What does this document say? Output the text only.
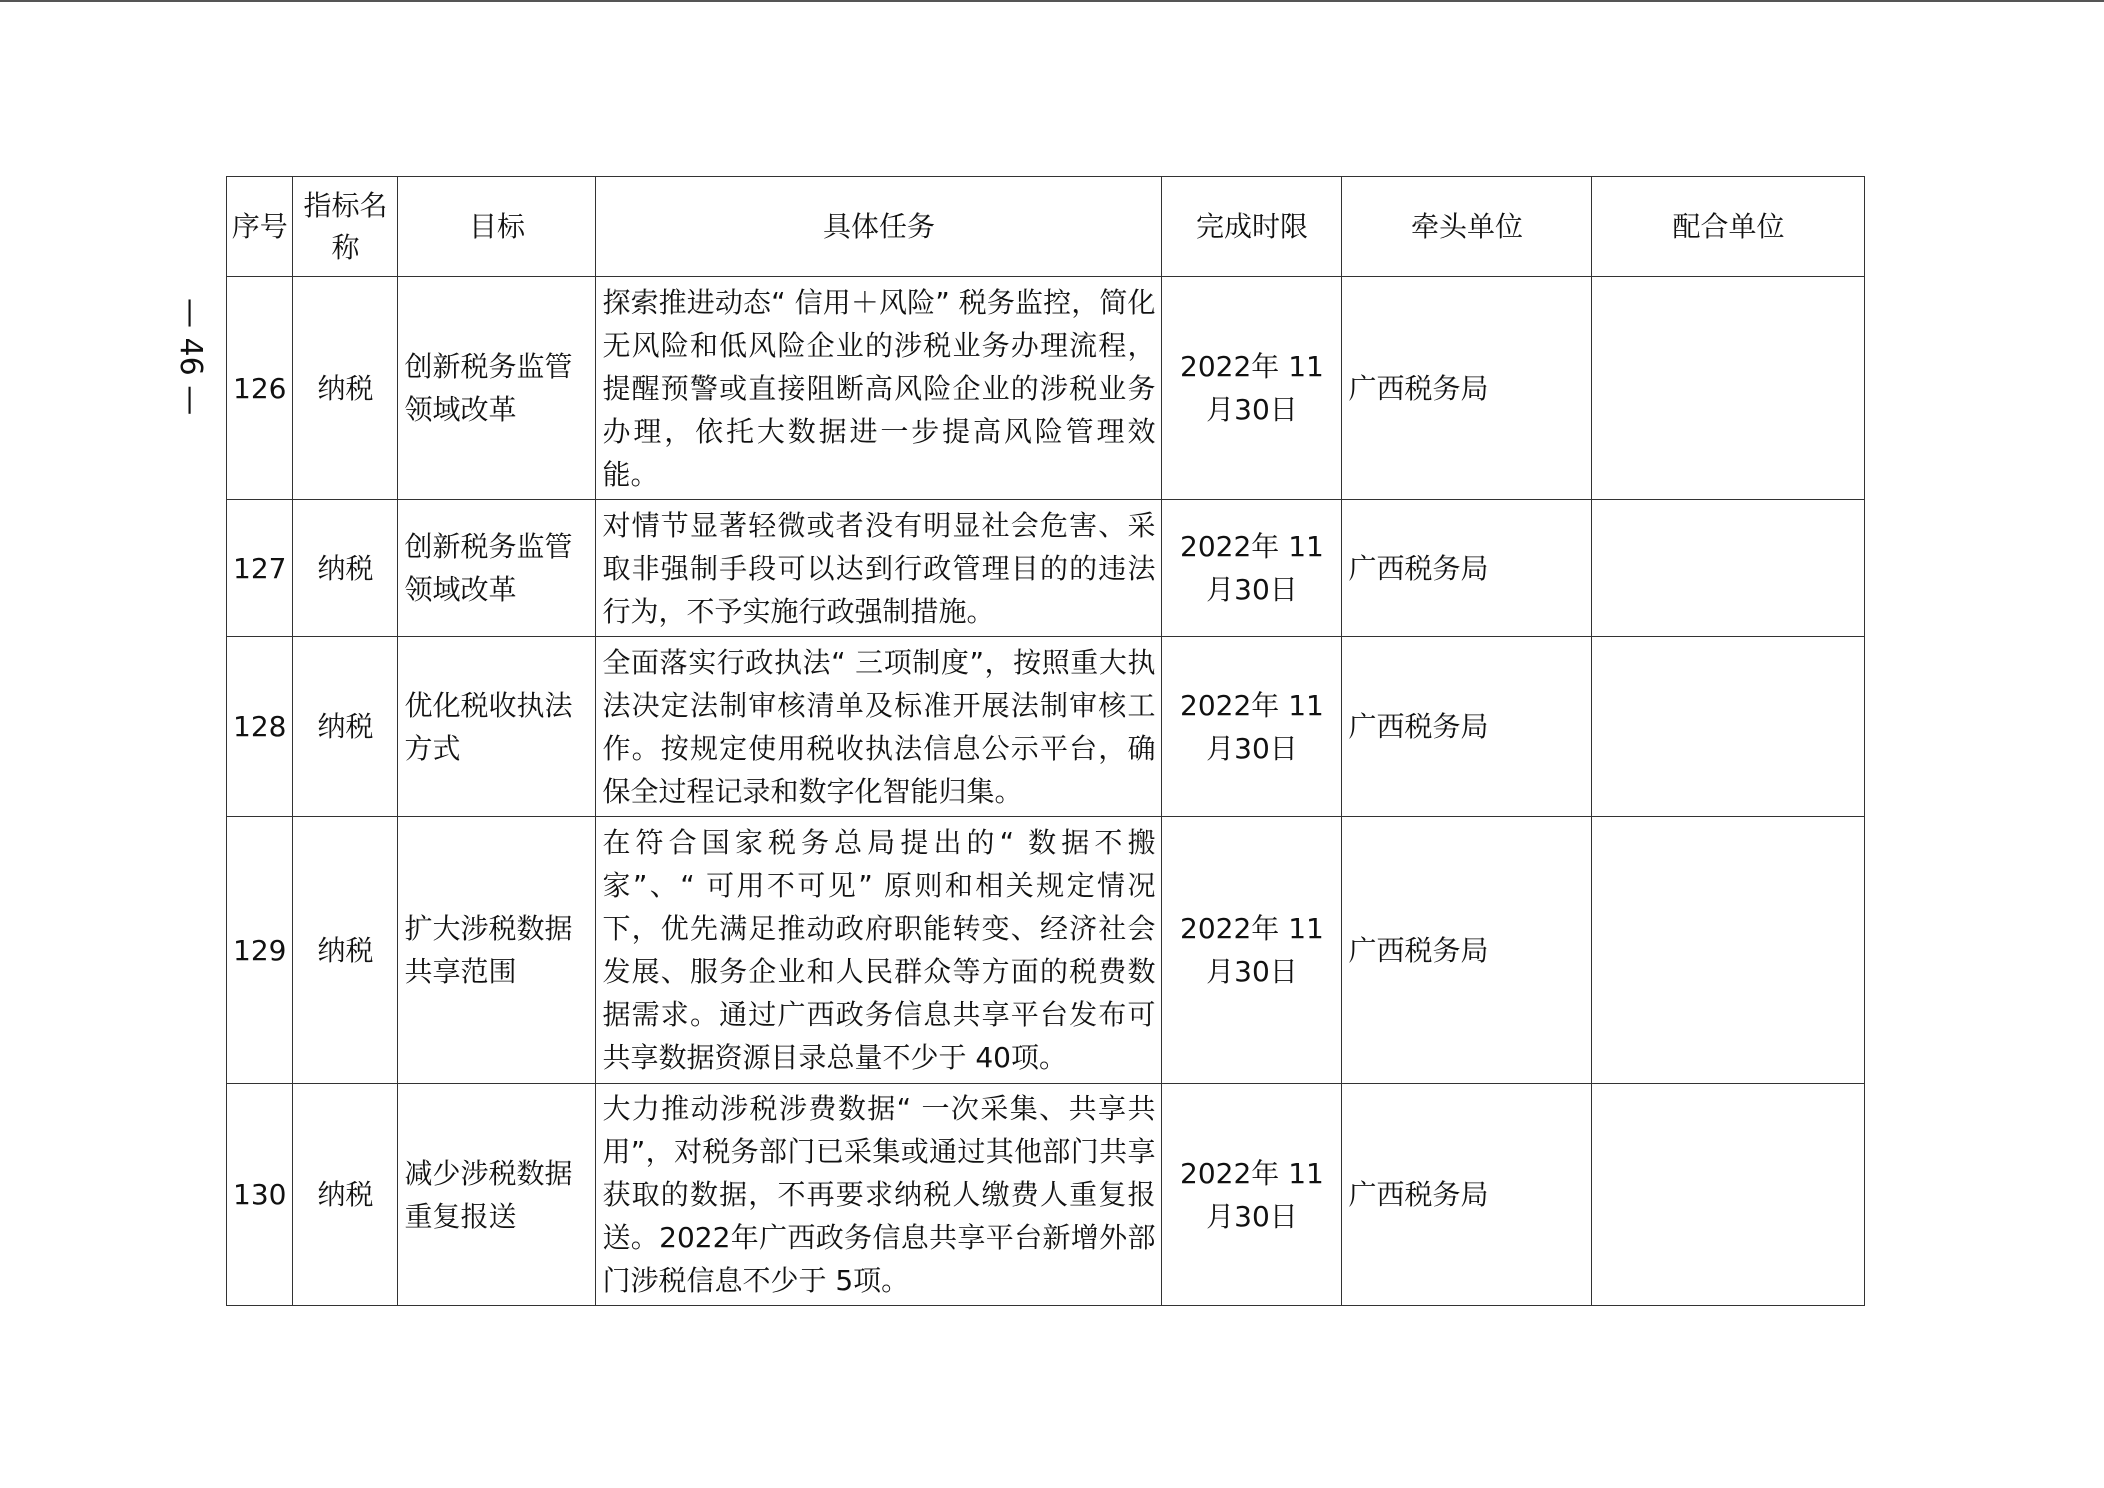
— 46 —
序号	指标名称	目标	具体任务	完成时限	牵头单位	配合单位
126	纳税	创新税务监管领域改革	探索推进动态“ 信用＋风险” 税务监控，简化无风险和低风险企业的涉税业务办理流程，提醒预警或直接阻断高风险企业的涉税业务办理，依托大数据进一步提高风险管理效能。	2022年 11月30日	广西税务局	
127	纳税	创新税务监管领域改革	对情节显著轻微或者没有明显社会危害、采取非强制手段可以达到行政管理目的的违法行为，不予实施行政强制措施。	2022年 11月30日	广西税务局	
128	纳税	优化税收执法方式	全面落实行政执法“ 三项制度”，按照重大执法决定法制审核清单及标准开展法制审核工作。按规定使用税收执法信息公示平台，确保全过程记录和数字化智能归集。	2022年 11月30日	广西税务局	
129	纳税	扩大涉税数据共享范围	在符合国家税务总局提出的“ 数据不搬家”、“ 可用不可见” 原则和相关规定情况下，优先满足推动政府职能转变、经济社会发展、服务企业和人民群众等方面的税费数据需求。通过广西政务信息共享平台发布可共享数据资源目录总量不少于 40项。	2022年 11月30日	广西税务局	
130	纳税	减少涉税数据重复报送	大力推动涉税涉费数据“ 一次采集、共享共用”，对税务部门已采集或通过其他部门共享获取的数据，不再要求纳税人缴费人重复报送。2022年广西政务信息共享平台新增外部门涉税信息不少于 5项。	2022年 11月30日	广西税务局	
